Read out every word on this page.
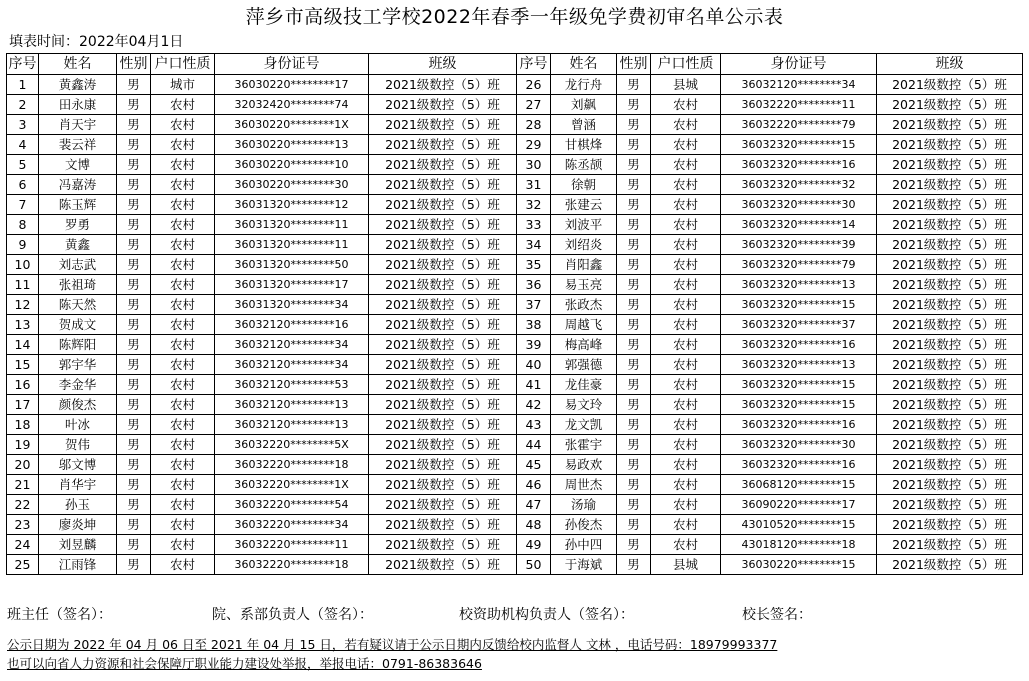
萍乡市高级技工学校2022年春季一年级免学费初审名单公示表
填表时间：2022年04月1日
序号	姓名	性别	户口性质	身份证号	班级	序号	姓名	性别	户口性质	身份证号	班级
1	黄鑫涛	男	城市	36030220********17	2021级数控（5）班	26	龙行舟	男	县城	36032120********34	2021级数控（5）班
2	田永康	男	农村	32032420********74	2021级数控（5）班	27	刘飙	男	农村	36032220********11	2021级数控（5）班
3	肖天宇	男	农村	36030220********1X	2021级数控（5）班	28	曾涵	男	农村	36032220********79	2021级数控（5）班
4	裴云祥	男	农村	36030220********13	2021级数控（5）班	29	甘棋烽	男	农村	36032320********15	2021级数控（5）班
5	文博	男	农村	36030220********10	2021级数控（5）班	30	陈丞颉	男	农村	36032320********16	2021级数控（5）班
6	冯嘉涛	男	农村	36030220********30	2021级数控（5）班	31	徐朝	男	农村	36032320********32	2021级数控（5）班
7	陈玉辉	男	农村	36031320********12	2021级数控（5）班	32	张建云	男	农村	36032320********30	2021级数控（5）班
8	罗勇	男	农村	36031320********11	2021级数控（5）班	33	刘波平	男	农村	36032320********14	2021级数控（5）班
9	黄鑫	男	农村	36031320********11	2021级数控（5）班	34	刘绍炎	男	农村	36032320********39	2021级数控（5）班
10	刘志武	男	农村	36031320********50	2021级数控（5）班	35	肖阳鑫	男	农村	36032320********79	2021级数控（5）班
11	张祖琦	男	农村	36031320********17	2021级数控（5）班	36	易玉亮	男	农村	36032320********13	2021级数控（5）班
12	陈天然	男	农村	36031320********34	2021级数控（5）班	37	张政杰	男	农村	36032320********15	2021级数控（5）班
13	贺成文	男	农村	36032120********16	2021级数控（5）班	38	周越飞	男	农村	36032320********37	2021级数控（5）班
14	陈辉阳	男	农村	36032120********34	2021级数控（5）班	39	梅高峰	男	农村	36032320********16	2021级数控（5）班
15	郭宇华	男	农村	36032120********34	2021级数控（5）班	40	郭强德	男	农村	36032320********13	2021级数控（5）班
16	李金华	男	农村	36032120********53	2021级数控（5）班	41	龙佳豪	男	农村	36032320********15	2021级数控（5）班
17	颜俊杰	男	农村	36032120********13	2021级数控（5）班	42	易文玲	男	农村	36032320********15	2021级数控（5）班
18	叶冰	男	农村	36032120********13	2021级数控（5）班	43	龙文凯	男	农村	36032320********16	2021级数控（5）班
19	贺伟	男	农村	36032220********5X	2021级数控（5）班	44	张霍宇	男	农村	36032320********30	2021级数控（5）班
20	邬文博	男	农村	36032220********18	2021级数控（5）班	45	易政欢	男	农村	36032320********16	2021级数控（5）班
21	肖华宇	男	农村	36032220********1X	2021级数控（5）班	46	周世杰	男	农村	36068120********15	2021级数控（5）班
22	孙玉	男	农村	36032220********54	2021级数控（5）班	47	汤瑜	男	农村	36090220********17	2021级数控（5）班
23	廖炎坤	男	农村	36032220********34	2021级数控（5）班	48	孙俊杰	男	农村	43010520********15	2021级数控（5）班
24	刘昱麟	男	农村	36032220********11	2021级数控（5）班	49	孙中四	男	农村	43018120********18	2021级数控（5）班
25	江雨锋	男	农村	36032220********18	2021级数控（5）班	50	于海斌	男	县城	36030220********15	2021级数控（5）班
班主任（签名）：	院、系部负责人（签名）：	校资助机构负责人（签名）：	校长签名：
公示日期为 2022 年 04 月 06 日至 2021 年 04 月 15 日，若有疑议请于公示日期内反馈给校内监督人 文林 ，电话号码：18979993377
也可以向省人力资源和社会保障厅职业能力建设处举报，举报电话：0791-86383646
